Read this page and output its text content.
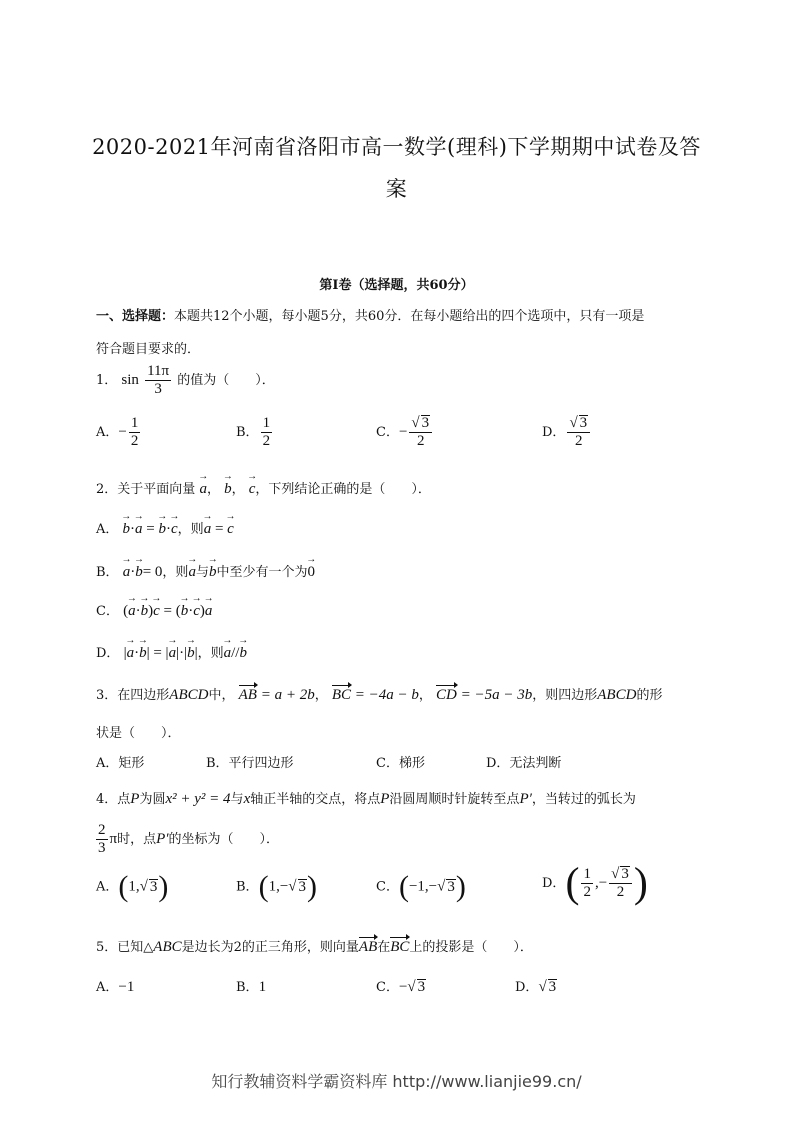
2020-2021年河南省洛阳市高一数学(理科)下学期期中试卷及答
案
第Ⅰ卷（选择题，共60分）
一、选择题：本题共12个小题，每小题5分，共60分．在每小题给出的四个选项中，只有一项是
符合题目要求的．
1． $\sin \frac{11\pi}{3}$ 的值为（　　）．
A．− $\frac{1}{2}$	B． $\frac{1}{2}$	C．− $\frac{√ 3}{2}$	D． $\frac{√ 3}{2}$
2．关于平面向量 → a， → b， → c，下列结论正确的是（　　）．
A． → b·→ a = → b·→ c，则→ a = → c
B． → a·→ b= 0，则→ a与→ b中至少有一个为→ 0
C． (→ a·→ b)→ c = (→ b·→ c)→ a
D． |→ a·→ b| = |→ a|·|→ b|，则→ a//→ b
3．在四边形ABCD中， AB = a + 2b， BC = −4a − b， CD = −5a − 3b，则四边形ABCD的形
状是（　　）．
A．矩形	B．平行四边形	C．梯形	D．无法判断
4．点P为圆x² + y² = 4与x轴正半轴的交点，将点P沿圆周顺时针旋转至点P′，当转过的弧长为
$\frac{2}{3}$ π时，点P′的坐标为（　　）．
A．(1,√ 3)	B．(1,−√ 3)	C．(−1,−√ 3)	D．( $\frac{1}{2}$ ,− $\frac{√ 3}{2}$ )
5．已知△ABC是边长为2的正三角形，则向量AB在BC上的投影是（　　）．
A．−1	B．1	C．−√ 3	D．√ 3
知行教辅资料学霸资料库 http://www.lianjie99.cn/
